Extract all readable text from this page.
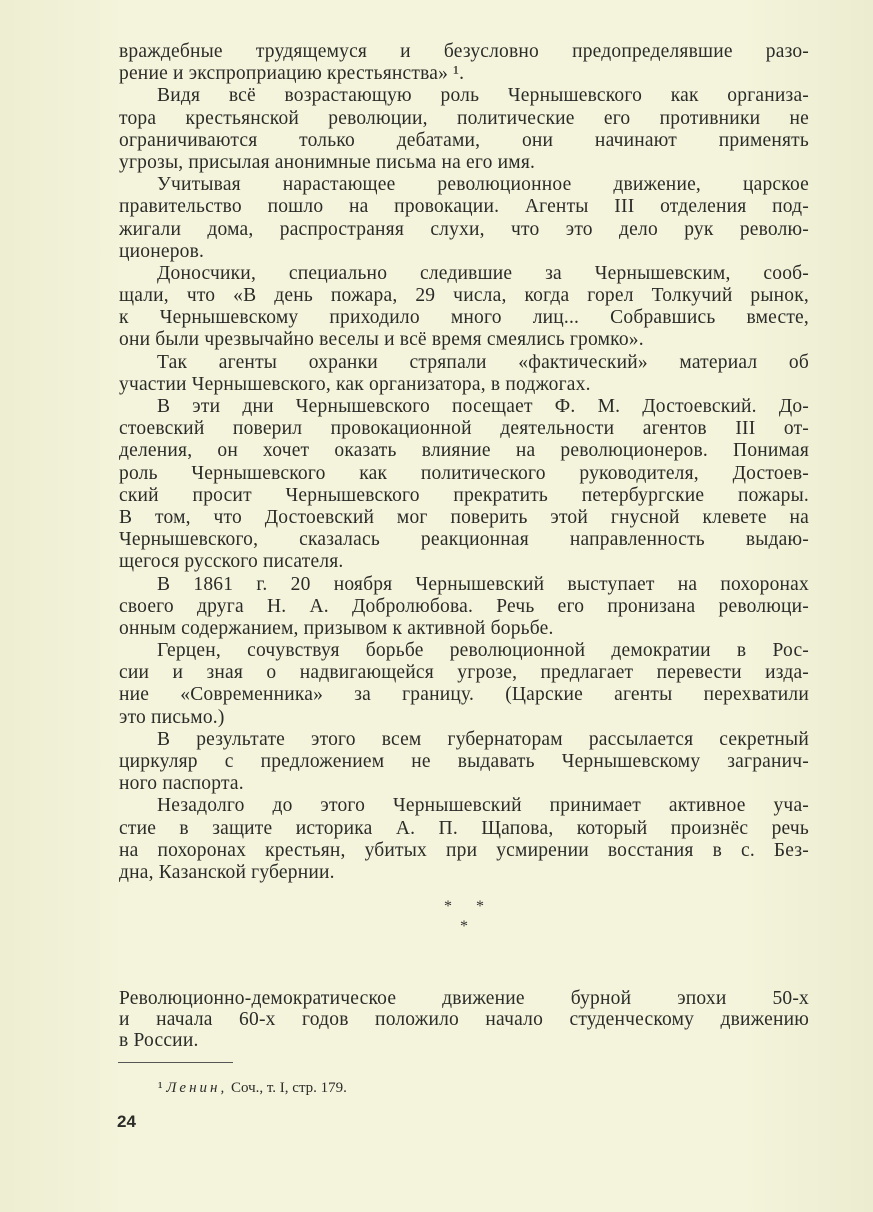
враждебные трудящемуся и безусловно предопределявшие разо-
рение и экспроприацию крестьянства» ¹.
Видя всё возрастающую роль Чернышевского как организа-
тора крестьянской революции, политические его противники не
ограничиваются только дебатами, они начинают применять
угрозы, присылая анонимные письма на его имя.
Учитывая нарастающее революционное движение, царское
правительство пошло на провокации. Агенты III отделения под-
жигали дома, распространяя слухи, что это дело рук револю-
ционеров.
Доносчики, специально следившие за Чернышевским, сооб-
щали, что «В день пожара, 29 числа, когда горел Толкучий рынок,
к Чернышевскому приходило много лиц... Собравшись вместе,
они были чрезвычайно веселы и всё время смеялись громко».
Так агенты охранки стряпали «фактический» материал об
участии Чернышевского, как организатора, в поджогах.
В эти дни Чернышевского посещает Ф. М. Достоевский. До-
стоевский поверил провокационной деятельности агентов III от-
деления, он хочет оказать влияние на революционеров. Понимая
роль Чернышевского как политического руководителя, Достоев-
ский просит Чернышевского прекратить петербургские пожары.
В том, что Достоевский мог поверить этой гнусной клевете на
Чернышевского, сказалась реакционная направленность выдаю-
щегося русского писателя.
В 1861 г. 20 ноября Чернышевский выступает на похоронах
своего друга Н. А. Добролюбова. Речь его пронизана революци-
онным содержанием, призывом к активной борьбе.
Герцен, сочувствуя борьбе революционной демократии в Рос-
сии и зная о надвигающейся угрозе, предлагает перевести изда-
ние «Современника» за границу. (Царские агенты перехватили
это письмо.)
В результате этого всем губернаторам рассылается секретный
циркуляр с предложением не выдавать Чернышевскому загранич-
ного паспорта.
Незадолго до этого Чернышевский принимает активное уча-
стие в защите историка А. П. Щапова, который произнёс речь
на похоронах крестьян, убитых при усмирении восстания в с. Без-
дна, Казанской губернии.
* *
*
Революционно-демократическое движение бурной эпохи 50-х
и начала 60-х годов положило начало студенческому движению
в России.
¹ Ленин, Соч., т. I, стр. 179.
24
